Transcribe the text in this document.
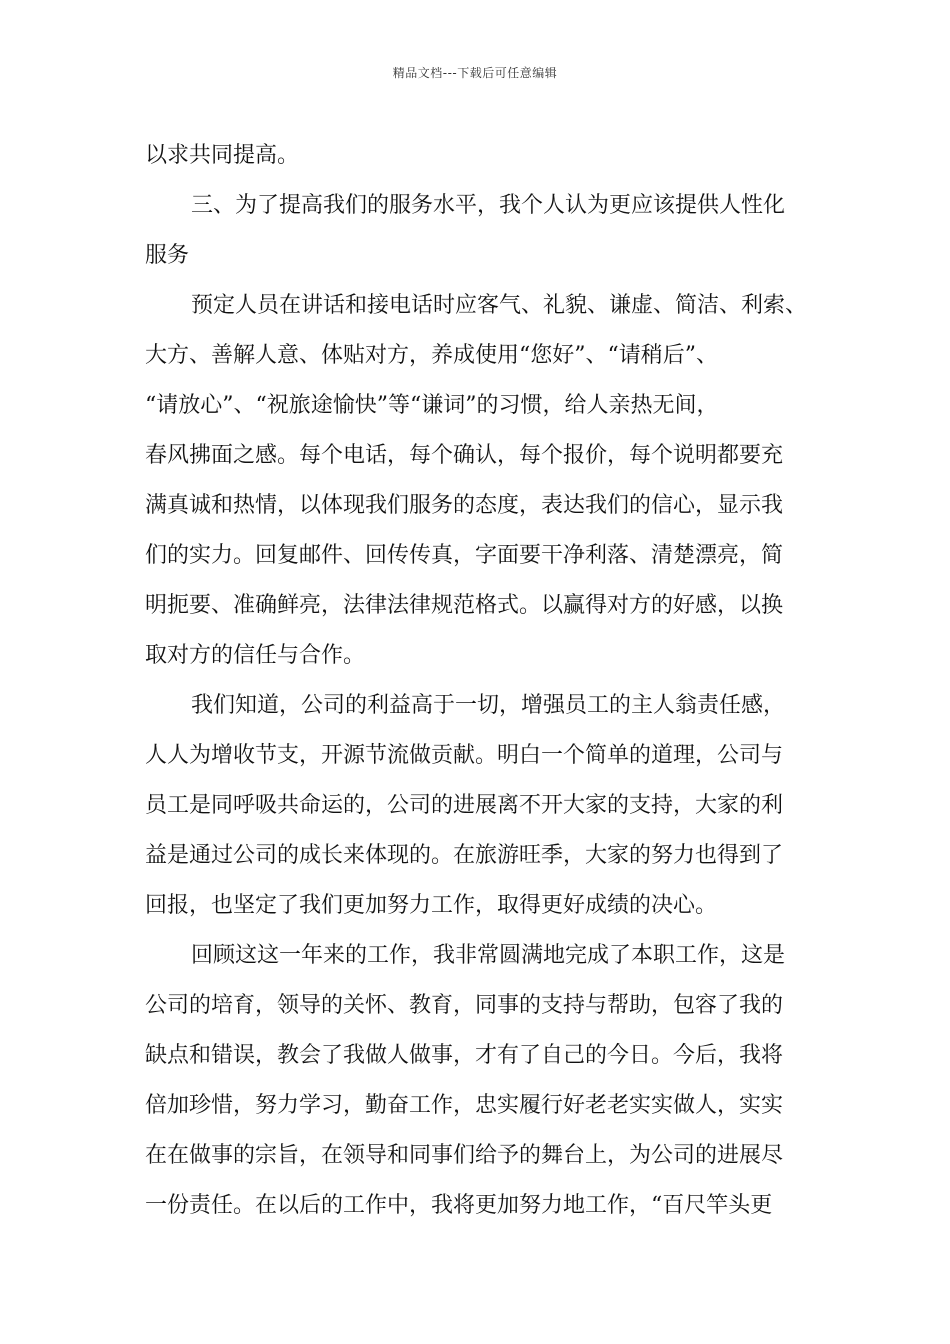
精品文档---下载后可任意编辑
以求共同提高。
三、为了提高我们的服务水平，我个人认为更应该提供人性化
服务
预定人员在讲话和接电话时应客气、礼貌、谦虚、简洁、利索、
大方、善解人意、体贴对方，养成使用“您好”、“请稍后”、
“请放心”、“祝旅途愉快”等“谦词”的习惯，给人亲热无间，
春风拂面之感。每个电话，每个确认，每个报价，每个说明都要充
满真诚和热情，以体现我们服务的态度，表达我们的信心，显示我
们的实力。回复邮件、回传传真，字面要干净利落、清楚漂亮，简
明扼要、准确鲜亮，法律法律规范格式。以赢得对方的好感，以换
取对方的信任与合作。
我们知道，公司的利益高于一切，增强员工的主人翁责任感，
人人为增收节支，开源节流做贡献。明白一个简单的道理，公司与
员工是同呼吸共命运的，公司的进展离不开大家的支持，大家的利
益是通过公司的成长来体现的。在旅游旺季，大家的努力也得到了
回报，也坚定了我们更加努力工作，取得更好成绩的决心。
回顾这这一年来的工作，我非常圆满地完成了本职工作，这是
公司的培育，领导的关怀、教育，同事的支持与帮助，包容了我的
缺点和错误，教会了我做人做事，才有了自己的今日。今后，我将
倍加珍惜，努力学习，勤奋工作，忠实履行好老老实实做人，实实
在在做事的宗旨，在领导和同事们给予的舞台上，为公司的进展尽
一份责任。在以后的工作中，我将更加努力地工作，“百尺竿头更
